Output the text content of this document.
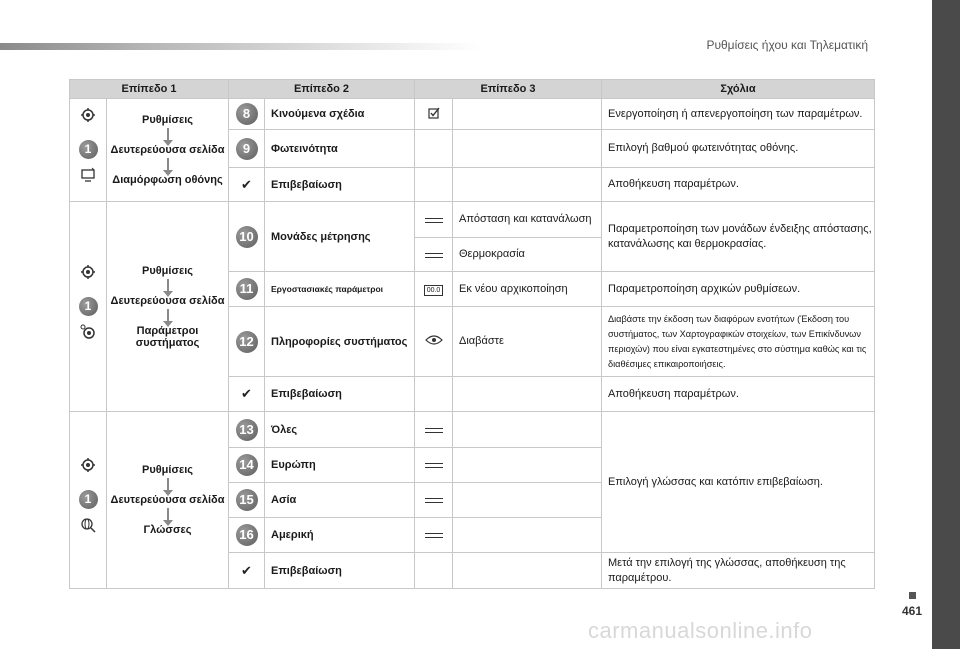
Ρυθμίσεις ήχου και Τηλεματική
Επίπεδο 1		Επίπεδο 2		Επίπεδο 3		Σχόλια

1	Ρυθμίσεις
Δευτερεύουσα σελίδα
Διαμόρφωση οθόνης	8	Κινούμενα σχέδια			Ενεργοποίηση ή απενεργοποίηση των παραμέτρων.
		9	Φωτεινότητα			Επιλογή βαθμού φωτεινότητας οθόνης.
		✔	Επιβεβαίωση			Αποθήκευση παραμέτρων.

1	Ρυθμίσεις
Δευτερεύουσα σελίδα
Παράμετροι συστήματος	10	Μονάδες μέτρησης		Απόσταση και κατανάλωση	Παραμετροποίηση των μονάδων ένδειξης απόστασης, κατανάλωσης και θερμοκρασίας.
					Θερμοκρασία	
		11	Εργοστασιακές παράμετροι	00.0	Εκ νέου αρχικοποίηση	Παραμετροποίηση αρχικών ρυθμίσεων.
		12	Πληροφορίες συστήματος		Διαβάστε	Διαβάστε την έκδοση των διαφόρων ενοτήτων (Έκδοση του συστήματος, των Χαρτογραφικών στοιχείων, των Επικίνδυνων περιοχών) που είναι εγκατεστημένες στο σύστημα καθώς και τις διαθέσιμες επικαιροποιήσεις.
		✔	Επιβεβαίωση			Αποθήκευση παραμέτρων.

1	Ρυθμίσεις
Δευτερεύουσα σελίδα
Γλώσσες	13	Όλες			Επιλογή γλώσσας και κατόπιν επιβεβαίωση.
		14	Ευρώπη			
		15	Ασία			
		16	Αμερική			
		✔	Επιβεβαίωση			Μετά την επιλογή της γλώσσας, αποθήκευση της παραμέτρου.
461
carmanualsonline.info
